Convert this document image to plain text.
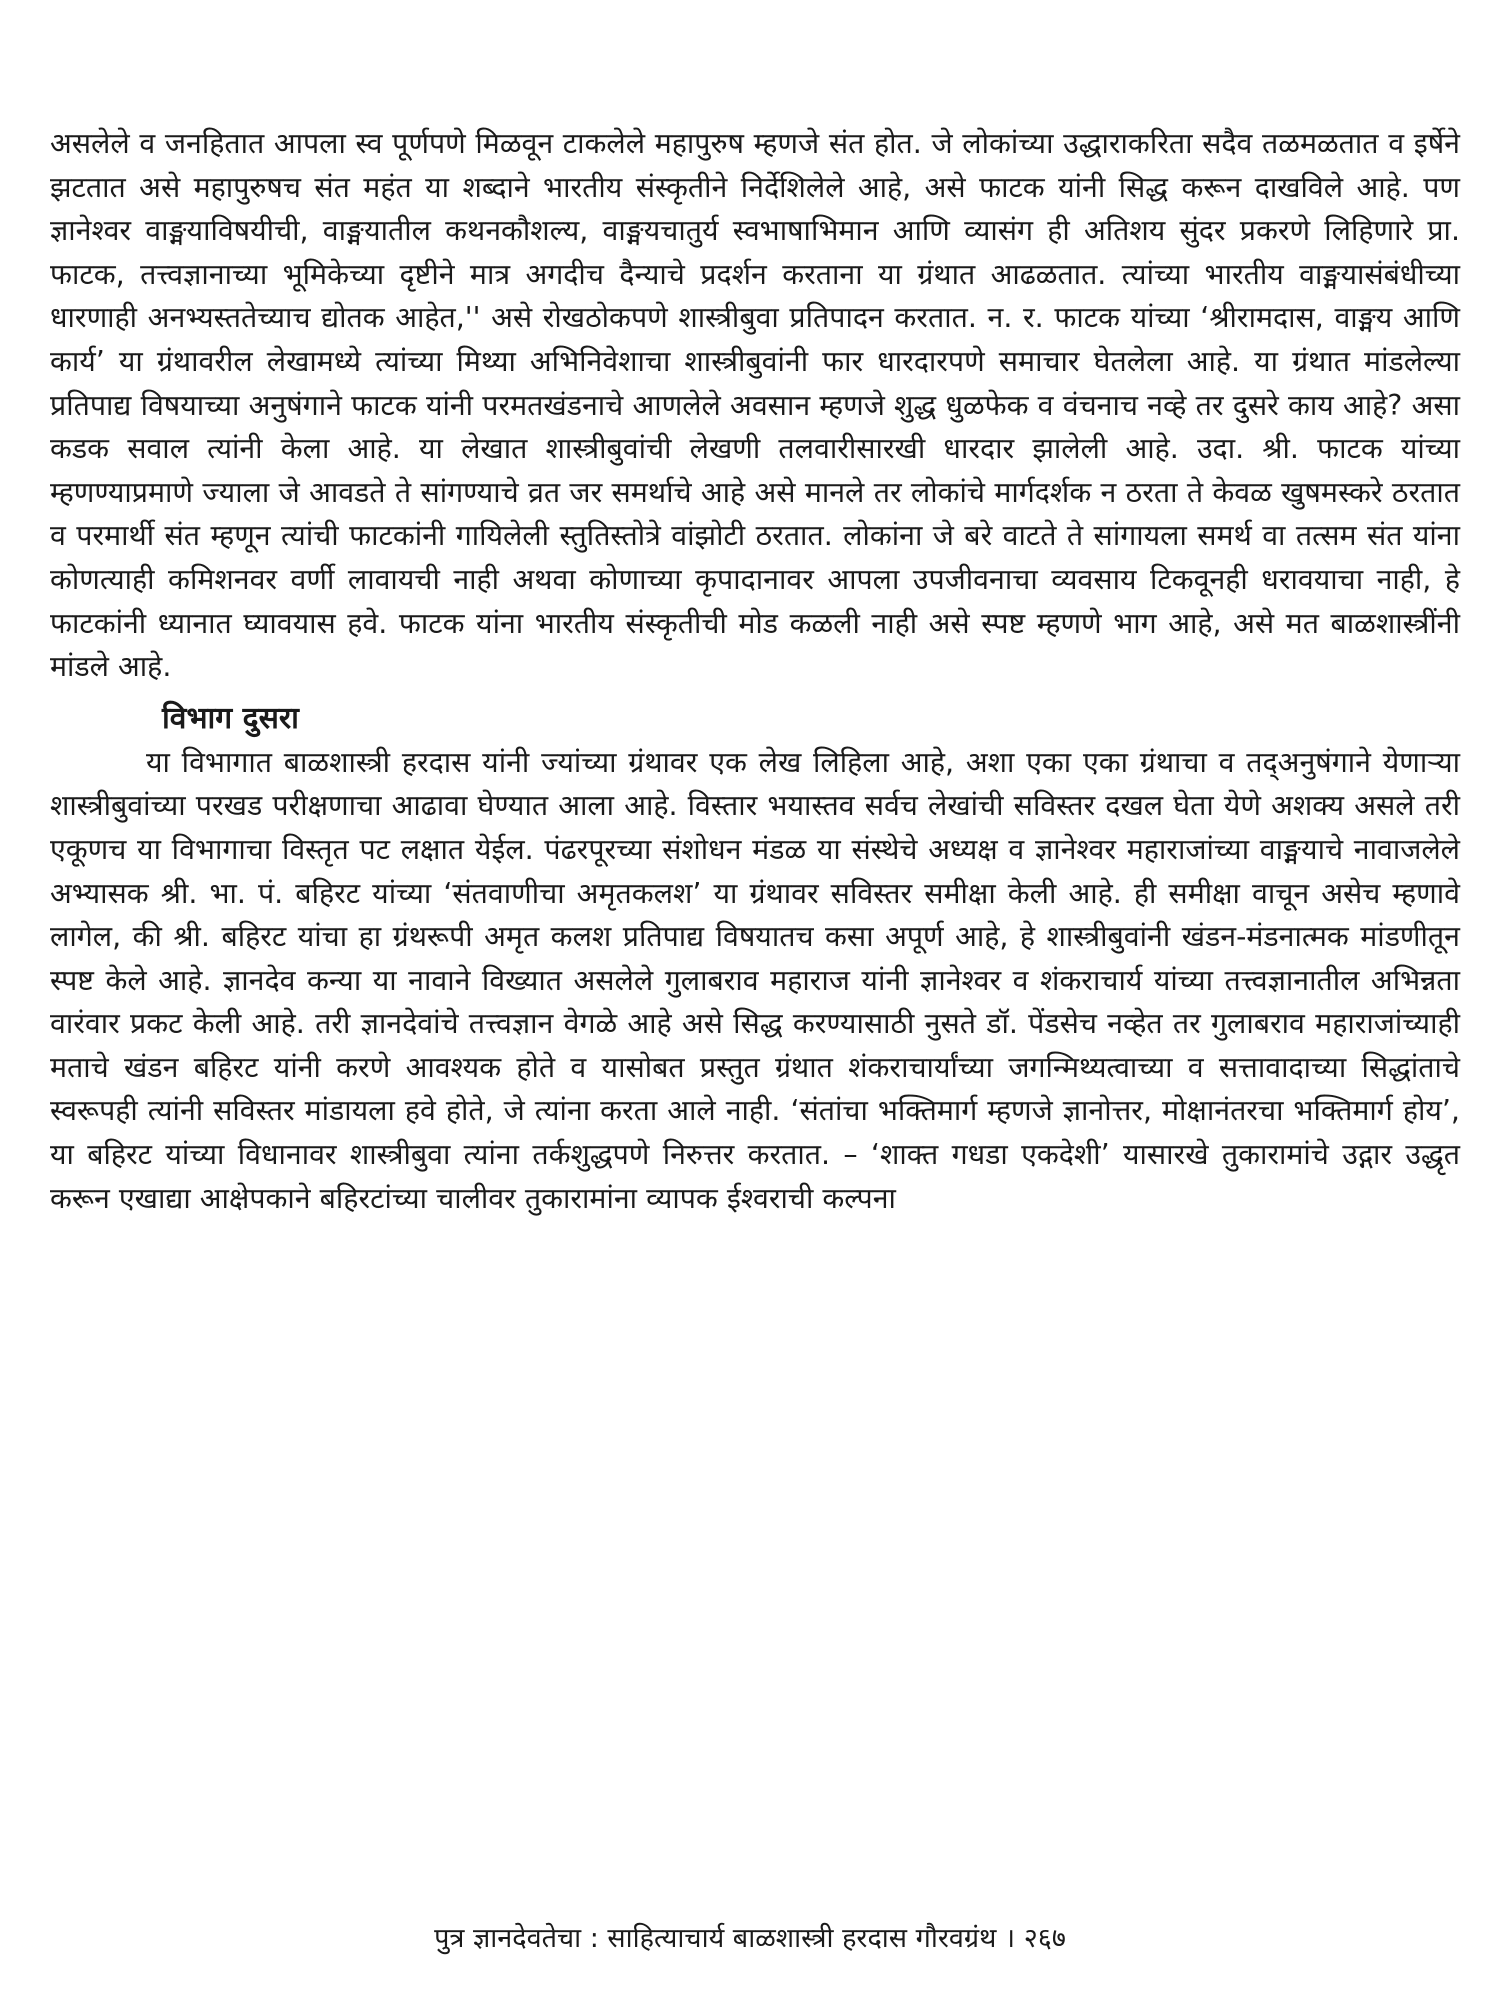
असलेले व जनहितात आपला स्व पूर्णपणे मिळवून टाकलेले महापुरुष म्हणजे संत होत. जे लोकांच्या उद्धाराकरिता सदैव तळमळतात व इर्षेने झटतात असे महापुरुषच संत महंत या शब्दाने भारतीय संस्कृतीने निर्देशिलेले आहे, असे फाटक यांनी सिद्ध करून दाखविले आहे. पण ज्ञानेश्वर वाङ्मयाविषयीची, वाङ्मयातील कथनकौशल्य, वाङ्मयचातुर्य स्वभाषाभिमान आणि व्यासंग ही अतिशय सुंदर प्रकरणे लिहिणारे प्रा. फाटक, तत्त्वज्ञानाच्या भूमिकेच्या दृष्टीने मात्र अगदीच दैन्याचे प्रदर्शन करताना या ग्रंथात आढळतात. त्यांच्या भारतीय वाङ्मयासंबंधीच्या धारणाही अनभ्यस्ततेच्याच द्योतक आहेत,'' असे रोखठोकपणे शास्त्रीबुवा प्रतिपादन करतात. न. र. फाटक यांच्या ‘श्रीरामदास, वाङ्मय आणि कार्य’ या ग्रंथावरील लेखामध्ये त्यांच्या मिथ्या अभिनिवेशाचा शास्त्रीबुवांनी फार धारदारपणे समाचार घेतलेला आहे. या ग्रंथात मांडलेल्या प्रतिपाद्य विषयाच्या अनुषंगाने फाटक यांनी परमतखंडनाचे आणलेले अवसान म्हणजे शुद्ध धुळफेक व वंचनाच नव्हे तर दुसरे काय आहे? असा कडक सवाल त्यांनी केला आहे. या लेखात शास्त्रीबुवांची लेखणी तलवारीसारखी धारदार झालेली आहे. उदा. श्री. फाटक यांच्या म्हणण्याप्रमाणे ज्याला जे आवडते ते सांगण्याचे व्रत जर समर्थाचे आहे असे मानले तर लोकांचे मार्गदर्शक न ठरता ते केवळ खुषमस्करे ठरतात व परमार्थी संत म्हणून त्यांची फाटकांनी गायिलेली स्तुतिस्तोत्रे वांझोटी ठरतात. लोकांना जे बरे वाटते ते सांगायला समर्थ वा तत्सम संत यांना कोणत्याही कमिशनवर वर्णी लावायची नाही अथवा कोणाच्या कृपादानावर आपला उपजीवनाचा व्यवसाय टिकवूनही धरावयाचा नाही, हे फाटकांनी ध्यानात घ्यावयास हवे. फाटक यांना भारतीय संस्कृतीची मोड कळली नाही असे स्पष्ट म्हणणे भाग आहे, असे मत बाळशास्त्रींनी मांडले आहे.

विभाग दुसरा

या विभागात बाळशास्त्री हरदास यांनी ज्यांच्या ग्रंथावर एक लेख लिहिला आहे, अशा एका एका ग्रंथाचा व तद्अनुषंगाने येणाऱ्या शास्त्रीबुवांच्या परखड परीक्षणाचा आढावा घेण्यात आला आहे. विस्तार भयास्तव सर्वच लेखांची सविस्तर दखल घेता येणे अशक्य असले तरी एकूणच या विभागाचा विस्तृत पट लक्षात येईल. पंढरपूरच्या संशोधन मंडळ या संस्थेचे अध्यक्ष व ज्ञानेश्वर महाराजांच्या वाङ्मयाचे नावाजलेले अभ्यासक श्री. भा. पं. बहिरट यांच्या ‘संतवाणीचा अमृतकलश’ या ग्रंथावर सविस्तर समीक्षा केली आहे. ही समीक्षा वाचून असेच म्हणावे लागेल, की श्री. बहिरट यांचा हा ग्रंथरूपी अमृत कलश प्रतिपाद्य विषयातच कसा अपूर्ण आहे, हे शास्त्रीबुवांनी खंडन-मंडनात्मक मांडणीतून स्पष्ट केले आहे. ज्ञानदेव कन्या या नावाने विख्यात असलेले गुलाबराव महाराज यांनी ज्ञानेश्वर व शंकराचार्य यांच्या तत्त्वज्ञानातील अभिन्नता वारंवार प्रकट केली आहे. तरी ज्ञानदेवांचे तत्त्वज्ञान वेगळे आहे असे सिद्ध करण्यासाठी नुसते डॉ. पेंडसेच नव्हेत तर गुलाबराव महाराजांच्याही मताचे खंडन बहिरट यांनी करणे आवश्यक होते व यासोबत प्रस्तुत ग्रंथात शंकराचार्यांच्या जगन्मिथ्यत्वाच्या व सत्तावादाच्या सिद्धांताचे स्वरूपही त्यांनी सविस्तर मांडायला हवे होते, जे त्यांना करता आले नाही. ‘संतांचा भक्तिमार्ग म्हणजे ज्ञानोत्तर, मोक्षानंतरचा भक्तिमार्ग होय’, या बहिरट यांच्या विधानावर शास्त्रीबुवा त्यांना तर्कशुद्धपणे निरुत्तर करतात. – ‘शाक्त गधडा एकदेशी’ यासारखे तुकारामांचे उद्गार उद्धृत करून एखाद्या आक्षेपकाने बहिरटांच्या चालीवर तुकारामांना व्यापक ईश्वराची कल्पना

पुत्र ज्ञानदेवतेचा : साहित्याचार्य बाळशास्त्री हरदास गौरवग्रंथ । २६७
